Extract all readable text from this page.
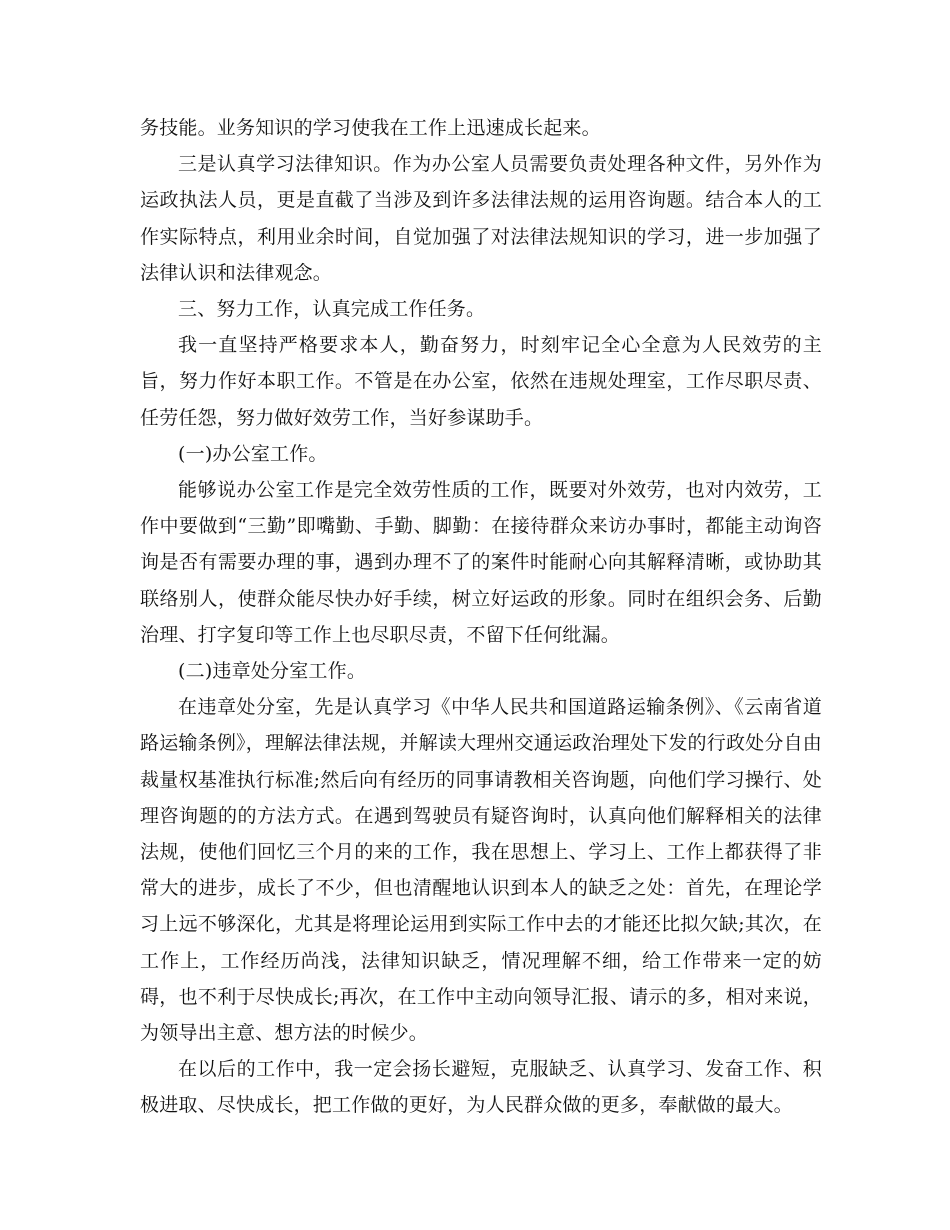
务技能。业务知识的学习使我在工作上迅速成长起来。

三是认真学习法律知识。作为办公室人员需要负责处理各种文件，另外作为运政执法人员，更是直截了当涉及到许多法律法规的运用咨询题。结合本人的工作实际特点，利用业余时间，自觉加强了对法律法规知识的学习，进一步加强了法律认识和法律观念。

三、努力工作，认真完成工作任务。

我一直坚持严格要求本人，勤奋努力，时刻牢记全心全意为人民效劳的主旨，努力作好本职工作。不管是在办公室，依然在违规处理室，工作尽职尽责、任劳任怨，努力做好效劳工作，当好参谋助手。

(一)办公室工作。

能够说办公室工作是完全效劳性质的工作，既要对外效劳，也对内效劳，工作中要做到“三勤”即嘴勤、手勤、脚勤：在接待群众来访办事时，都能主动询咨询是否有需要办理的事，遇到办理不了的案件时能耐心向其解释清晰，或协助其联络别人，使群众能尽快办好手续，树立好运政的形象。同时在组织会务、后勤治理、打字复印等工作上也尽职尽责，不留下任何纰漏。

(二)违章处分室工作。

在违章处分室，先是认真学习《中华人民共和国道路运输条例》、《云南省道路运输条例》，理解法律法规，并解读大理州交通运政治理处下发的行政处分自由裁量权基准执行标准;然后向有经历的同事请教相关咨询题，向他们学习操行、处理咨询题的的方法方式。在遇到驾驶员有疑咨询时，认真向他们解释相关的法律法规，使他们回忆三个月的来的工作，我在思想上、学习上、工作上都获得了非常大的进步，成长了不少，但也清醒地认识到本人的缺乏之处：首先，在理论学习上远不够深化，尤其是将理论运用到实际工作中去的才能还比拟欠缺;其次，在工作上，工作经历尚浅，法律知识缺乏，情况理解不细，给工作带来一定的妨碍，也不利于尽快成长;再次，在工作中主动向领导汇报、请示的多，相对来说，为领导出主意、想方法的时候少。

在以后的工作中，我一定会扬长避短，克服缺乏、认真学习、发奋工作、积极进取、尽快成长，把工作做的更好，为人民群众做的更多，奉献做的最大。
